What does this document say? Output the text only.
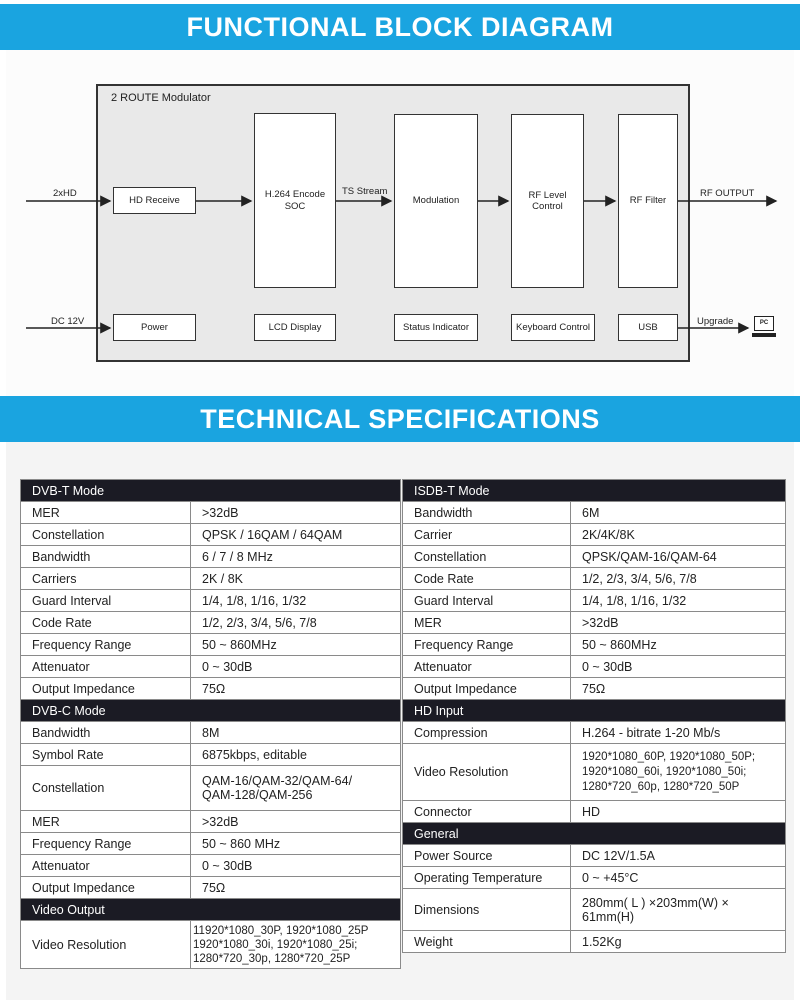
FUNCTIONAL BLOCK DIAGRAM
2 ROUTE Modulator
2xHD
DC 12V
TS Stream	RF OUTPUT
Upgrade
HD Receive
H.264 Encode
SOC	Modulation
RF Level
Control
RF Filter
Power	LCD Display	Status Indicator	Keyboard Control	USB	PC
TECHNICAL SPECIFICATIONS
DVB-T Mode	
MER	>32dB
Constellation	QPSK / 16QAM / 64QAM
Bandwidth	6 / 7 / 8 MHz
Carriers	2K / 8K
Guard Interval	1/4, 1/8, 1/16, 1/32
Code Rate	1/2, 2/3, 3/4, 5/6, 7/8
Frequency Range	50 ~ 860MHz
Attenuator	0 ~ 30dB
Output Impedance	75Ω
DVB-C Mode	
Bandwidth	8M
Symbol Rate	6875kbps, editable
Constellation	QAM-16/QAM-32/QAM-64/
QAM-128/QAM-256
MER	>32dB
Frequency Range	50 ~ 860 MHz
Attenuator	0 ~ 30dB
Output Impedance	75Ω
Video Output	
Video Resolution	11920*1080_30P, 1920*1080_25P
1920*1080_30i, 1920*1080_25i;
1280*720_30p, 1280*720_25P
ISDB-T Mode	
Bandwidth	6M
Carrier	2K/4K/8K
Constellation	QPSK/QAM-16/QAM-64
Code Rate	1/2, 2/3, 3/4, 5/6, 7/8
Guard Interval	1/4, 1/8, 1/16, 1/32
MER	>32dB
Frequency Range	50 ~ 860MHz
Attenuator	0 ~ 30dB
Output Impedance	75Ω
HD Input	
Compression	H.264 - bitrate 1-20 Mb/s
Video Resolution	1920*1080_60P, 1920*1080_50P;
1920*1080_60i, 1920*1080_50i;
1280*720_60p, 1280*720_50P
Connector	HD
General	
Power Source	DC 12V/1.5A
Operating Temperature	0 ~ +45°C
Dimensions	280mm( L ) ×203mm(W) ×
61mm(H)
Weight	1.52Kg
